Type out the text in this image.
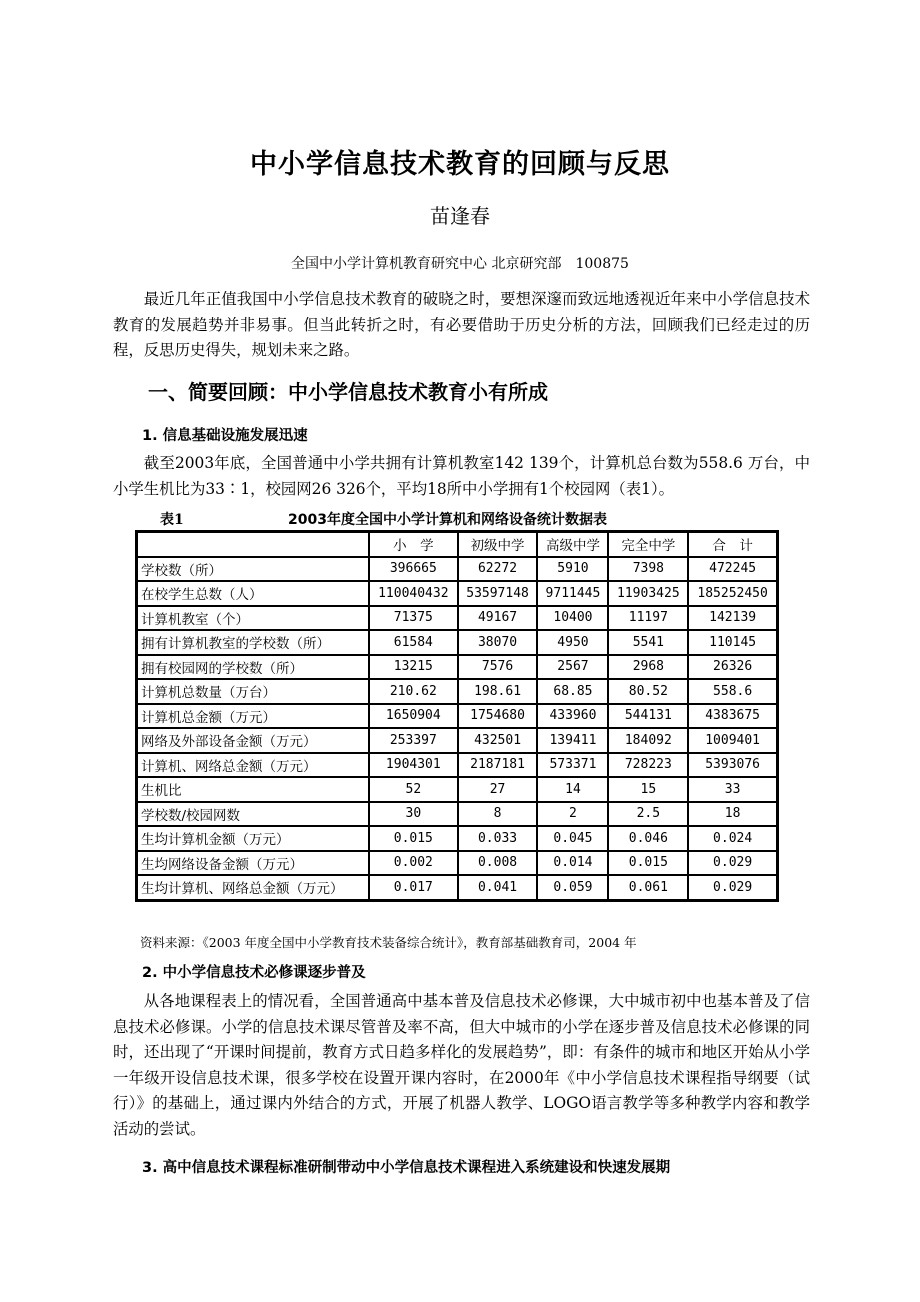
中小学信息技术教育的回顾与反思
苗逢春
全国中小学计算机教育研究中心 北京研究部　100875

最近几年正值我国中小学信息技术教育的破晓之时，要想深邃而致远地透视近年来中小学信息技术教育的发展趋势并非易事。但当此转折之时，有必要借助于历史分析的方法，回顾我们已经走过的历程，反思历史得失，规划未来之路。

一、简要回顾：中小学信息技术教育小有所成
1. 信息基础设施发展迅速

截至2003年底，全国普通中小学共拥有计算机教室142 139个，计算机总台数为558.6 万台，中小学生机比为33∶1，校园网26 326个，平均18所中小学拥有1个校园网（表1）。

表1	2003年度全国中小学计算机和网络设备统计数据表
	小　学	初级中学	高级中学	完全中学	合　计
学校数（所）	396665	62272	5910	7398	472245
在校学生总数（人）	110040432	53597148	9711445	11903425	185252450
计算机教室（个）	71375	49167	10400	11197	142139
拥有计算机教室的学校数（所）	61584	38070	4950	5541	110145
拥有校园网的学校数（所）	13215	7576	2567	2968	26326
计算机总数量（万台）	210.62	198.61	68.85	80.52	558.6
计算机总金额（万元）	1650904	1754680	433960	544131	4383675
网络及外部设备金额（万元）	253397	432501	139411	184092	1009401
计算机、网络总金额（万元）	1904301	2187181	573371	728223	5393076
生机比	52	27	14	15	33
学校数/校园网数	30	8	2	2.5	18
生均计算机金额（万元）	0.015	0.033	0.045	0.046	0.024
生均网络设备金额（万元）	0.002	0.008	0.014	0.015	0.029
生均计算机、网络总金额（万元）	0.017	0.041	0.059	0.061	0.029
资料来源：《2003 年度全国中小学教育技术装备综合统计》，教育部基础教育司，2004 年
2. 中小学信息技术必修课逐步普及

从各地课程表上的情况看，全国普通高中基本普及信息技术必修课，大中城市初中也基本普及了信息技术必修课。小学的信息技术课尽管普及率不高，但大中城市的小学在逐步普及信息技术必修课的同时，还出现了“开课时间提前，教育方式日趋多样化的发展趋势”，即：有条件的城市和地区开始从小学一年级开设信息技术课，很多学校在设置开课内容时，在2000年《中小学信息技术课程指导纲要（试行）》的基础上，通过课内外结合的方式，开展了机器人教学、LOGO语言教学等多种教学内容和教学活动的尝试。

3. 高中信息技术课程标准研制带动中小学信息技术课程进入系统建设和快速发展期
